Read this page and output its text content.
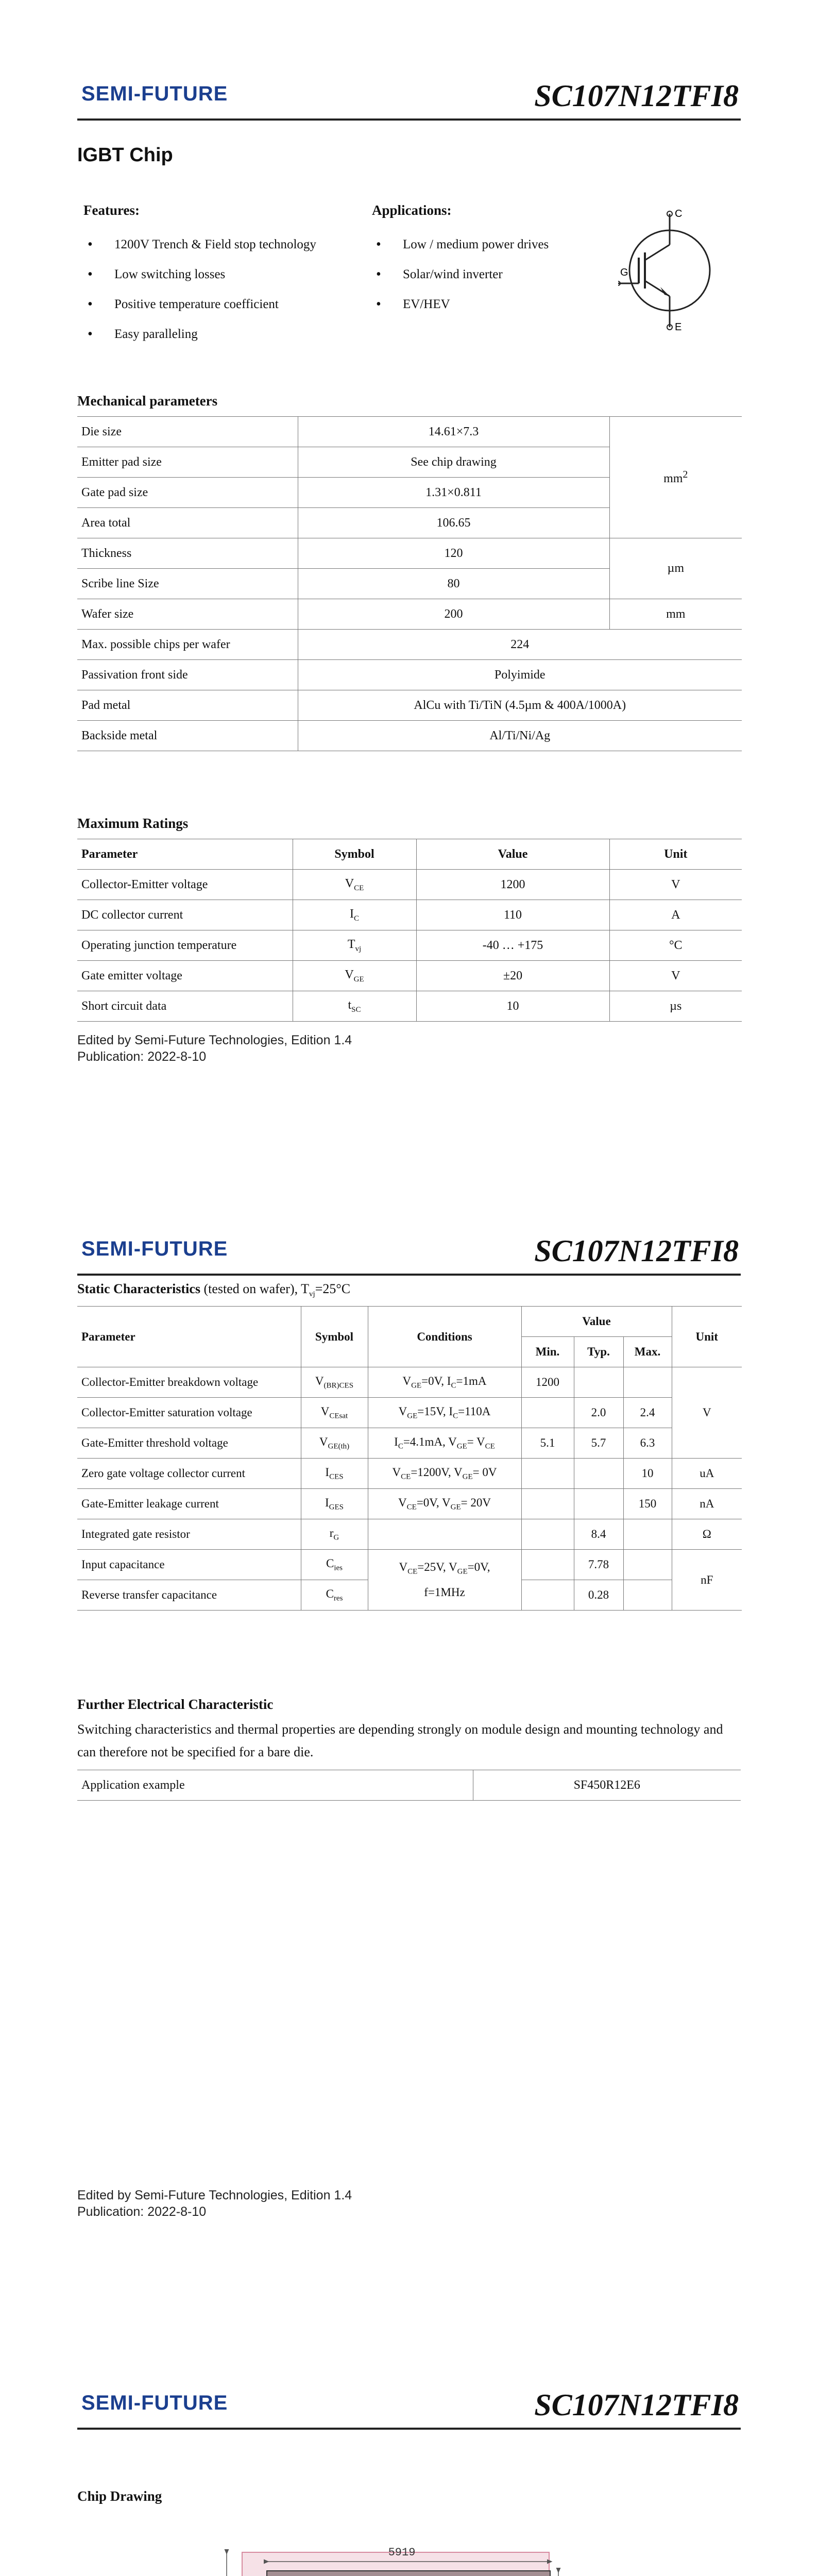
SEMI-FUTURE	SC107N12TFI8
IGBT Chip
Features:
• 1200V Trench & Field stop technology
• Low switching losses
• Positive temperature coefficient
• Easy paralleling
Applications:
• Low / medium power drives
• Solar/wind inverter
• EV/HEV
C
E
G
Mechanical parameters
Die size	14.61×7.3	$mm^2$
Emitter pad size	See chip drawing	
Gate pad size	1.31×0.811	
Area total	106.65	
Thickness	120	µm
Scribe line Size	80	
Wafer size	200	mm
Max. possible chips per wafer	224	
Passivation front side	Polyimide	
Pad metal	AlCu with Ti/TiN (4.5µm & 400A/1000A)	
Backside metal	Al/Ti/Ni/Ag	
Maximum Ratings
Parameter	Symbol	Value	Unit
Collector-Emitter voltage	$V_{CE}$	1200	V
DC collector current	$I_C$	110	A
Operating junction temperature	$T_{vj}$	-40 … +175	°C
Gate emitter voltage	$V_{GE}$	±20	V
Short circuit data	$t_{SC}$	10	µs
Edited by Semi-Future Technologies, Edition 1.4
Publication: 2022-8-10
SEMI-FUTURE	SC107N12TFI8
Static Characteristics (tested on wafer), $T_{vj}=25^\circ C$
Parameter	Symbol	Conditions	Value			Unit
			Min.	Typ.	Max.	
Collector-Emitter breakdown voltage	$V_{(BR)CES}$	$V_{GE}=0V$, $I_C=1mA$	1200			V
Collector-Emitter saturation voltage	$V_{CEsat}$	$V_{GE}=15V$, $I_C=110A$		2.0	2.4	
Gate-Emitter threshold voltage	$V_{GE(th)}$	$I_C=4.1mA$, $V_{GE}= V_{CE}$	5.1	5.7	6.3	
Zero gate voltage collector current	$I_{CES}$	$V_{CE}=1200V$, $V_{GE}= 0V$			10	uA
Gate-Emitter leakage current	$I_{GES}$	$V_{CE}=0V$, $V_{GE}= 20V$			150	nA
Integrated gate resistor	$r_G$			8.4		Ω
Input capacitance	$C_{ies}$	$V_{CE}=25V$, $V_{GE}=0V$,
f=1MHz		7.78		nF
Reverse transfer capacitance	$C_{res}$			0.28		
Further Electrical Characteristic
Switching characteristics and thermal properties are depending strongly on module design and mounting technology and can therefore not be specified for a bare die.
Application example	SF450R12E6
Edited by Semi-Future Technologies, Edition 1.4
Publication: 2022-8-10
SEMI-FUTURE	SC107N12TFI8
Chip Drawing
5919
